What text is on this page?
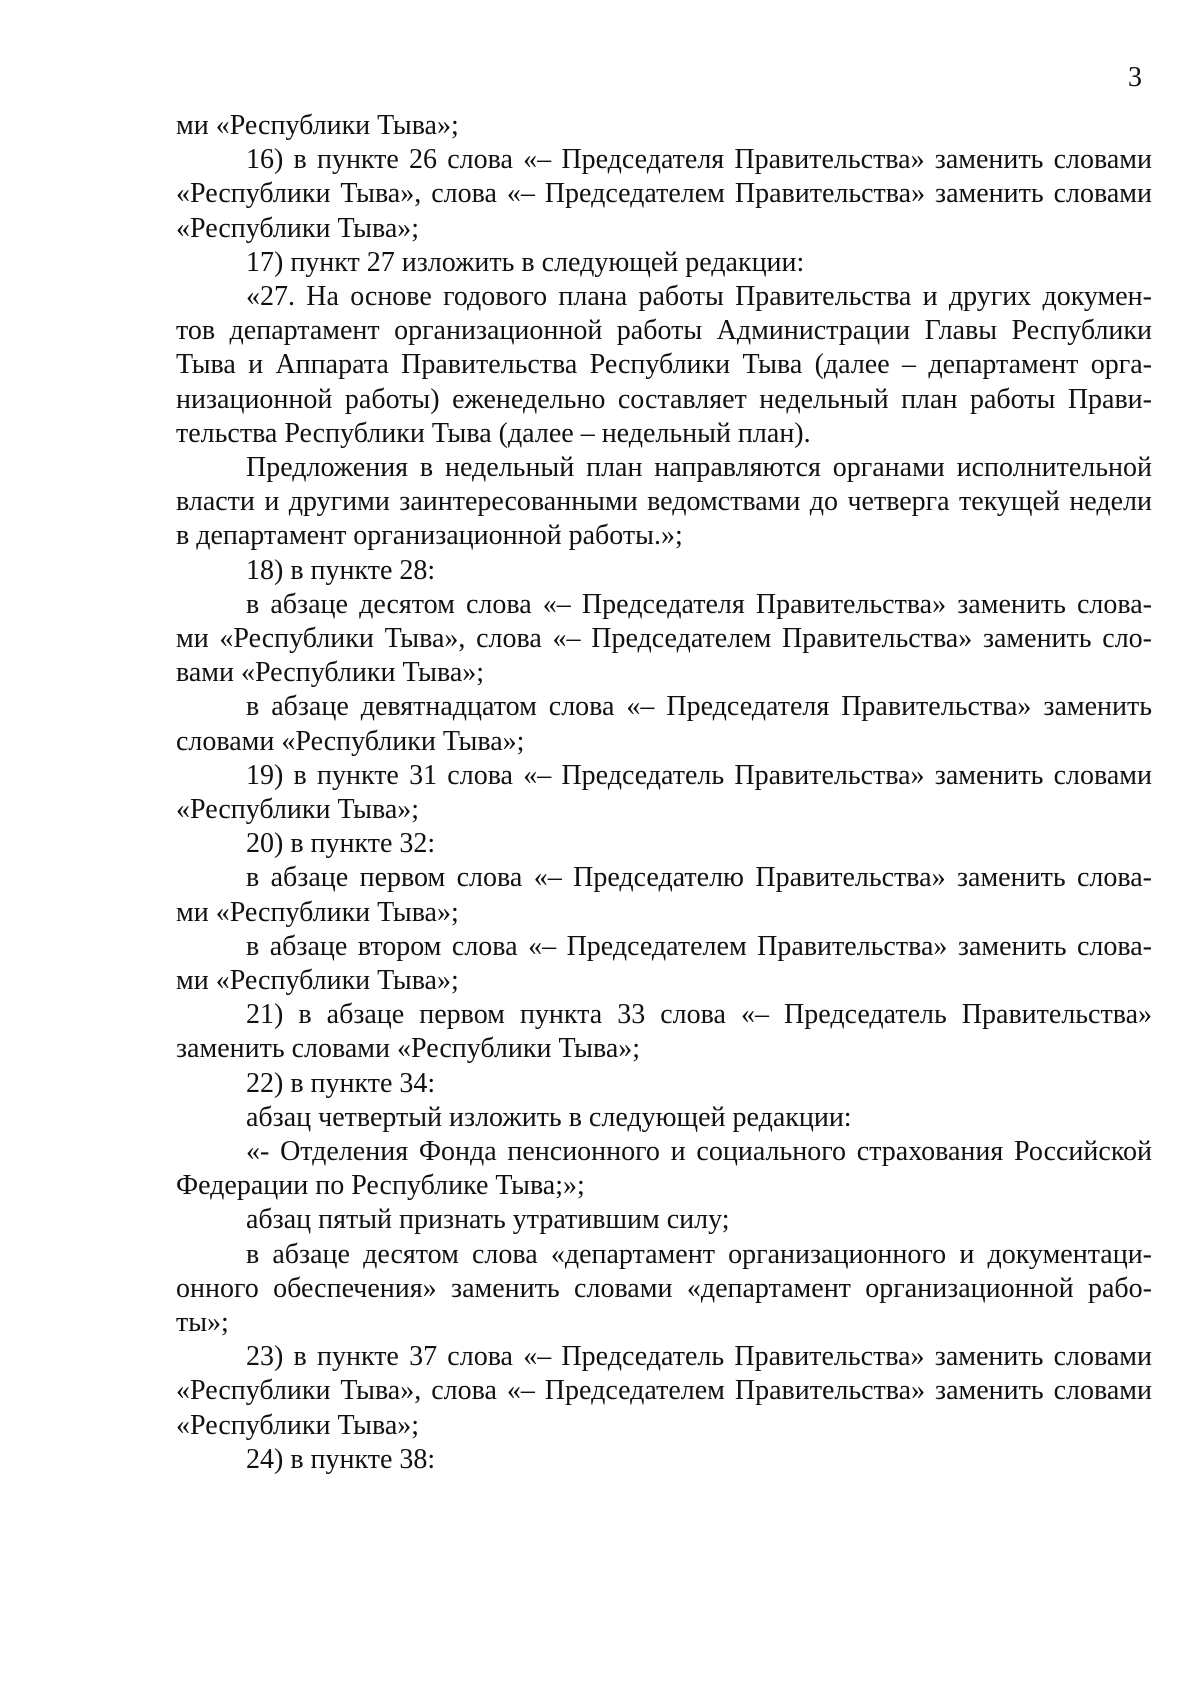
3
ми «Республики Тыва»;
16) в пункте 26 слова «– Председателя Правительства» заменить словами
«Республики Тыва», слова «– Председателем Правительства» заменить словами
«Республики Тыва»;
17) пункт 27 изложить в следующей редакции:
«27. На основе годового плана работы Правительства и других докумен-
тов департамент организационной работы Администрации Главы Республики
Тыва и Аппарата Правительства Республики Тыва (далее – департамент орга-
низационной работы) еженедельно составляет недельный план работы Прави-
тельства Республики Тыва (далее – недельный план).
Предложения в недельный план направляются органами исполнительной
власти и другими заинтересованными ведомствами до четверга текущей недели
в департамент организационной работы.»;
18) в пункте 28:
в абзаце десятом слова «– Председателя Правительства» заменить слова-
ми «Республики Тыва», слова «– Председателем Правительства» заменить сло-
вами «Республики Тыва»;
в абзаце девятнадцатом слова «– Председателя Правительства» заменить
словами «Республики Тыва»;
19) в пункте 31 слова «– Председатель Правительства» заменить словами
«Республики Тыва»;
20) в пункте 32:
в абзаце первом слова «– Председателю Правительства» заменить слова-
ми «Республики Тыва»;
в абзаце втором слова «– Председателем Правительства» заменить слова-
ми «Республики Тыва»;
21) в абзаце первом пункта 33 слова «– Председатель Правительства»
заменить словами «Республики Тыва»;
22) в пункте 34:
абзац четвертый изложить в следующей редакции:
«- Отделения Фонда пенсионного и социального страхования Российской
Федерации по Республике Тыва;»;
абзац пятый признать утратившим силу;
в абзаце десятом слова «департамент организационного и документаци-
онного обеспечения» заменить словами «департамент организационной рабо-
ты»;
23) в пункте 37 слова «– Председатель Правительства» заменить словами
«Республики Тыва», слова «– Председателем Правительства» заменить словами
«Республики Тыва»;
24) в пункте 38:
